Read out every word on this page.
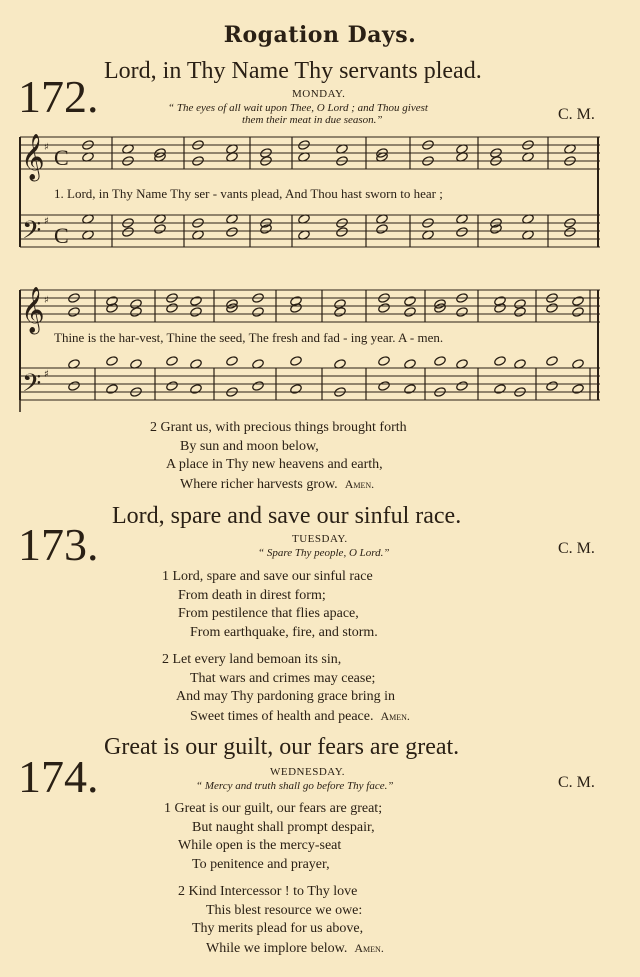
Rogation Days.
172. Lord, in Thy Name Thy servants plead.
MONDAY.
“ The eyes of all wait upon Thee, O Lord ; and Thou givest
them their meat in due season.”	C. M.
𝄞
𝄢
𝄞
𝄢
♯
♯
♯
♯
C
C
1. Lord, in Thy Name Thy ser - vants plead, And Thou hast sworn to hear ;
Thine is the har-vest, Thine the seed, The fresh and fad - ing year. A - men.
2 Grant us, with precious things brought forth
By sun and moon below,
A place in Thy new heavens and earth,
Where richer harvests grow. Amen.
173.
Lord, spare and save our sinful race.
TUESDAY.
“ Spare Thy people, O Lord.”	C. M.
1 Lord, spare and save our sinful race
From death in direst form;
From pestilence that flies apace,
From earthquake, fire, and storm.
2 Let every land bemoan its sin,
That wars and crimes may cease;
And may Thy pardoning grace bring in
Sweet times of health and peace. Amen.
174.
Great is our guilt, our fears are great.
WEDNESDAY.
“ Mercy and truth shall go before Thy face.”	C. M.
1 Great is our guilt, our fears are great;
But naught shall prompt despair,
While open is the mercy-seat
To penitence and prayer,
2 Kind Intercessor ! to Thy love
This blest resource we owe:
Thy merits plead for us above,
While we implore below. Amen.
